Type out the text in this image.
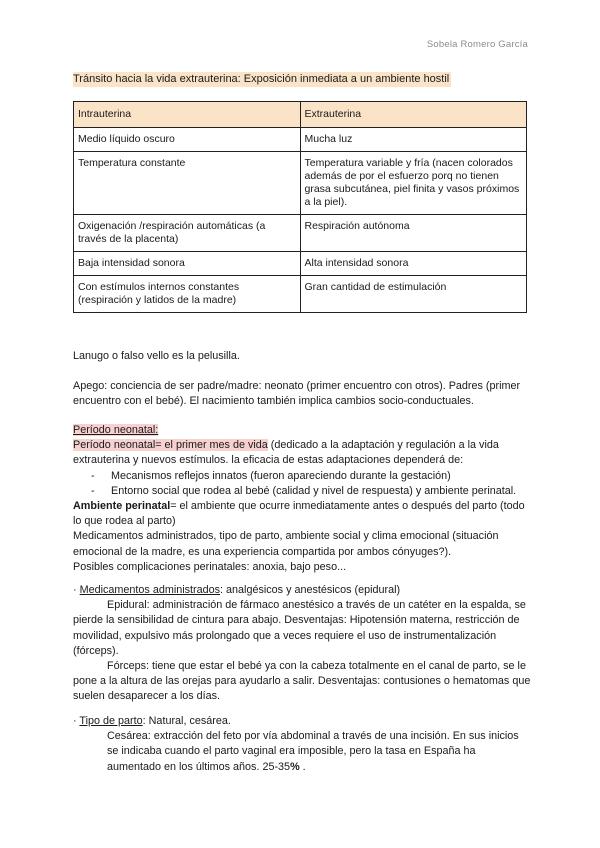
Sobela Romero García
Tránsito hacia la vida extrauterina: Exposición inmediata a un ambiente hostil
Intrauterina	Extrauterina
Medio líquido oscuro	Mucha luz
Temperatura constante	Temperatura variable y fría (nacen colorados además de por el esfuerzo porq no tienen grasa subcutánea, piel finita y vasos próximos a la piel).
Oxigenación /respiración automáticas (a través de la placenta)	Respiración autónoma
Baja intensidad sonora	Alta intensidad sonora
Con estímulos internos constantes (respiración y latidos de la madre)	Gran cantidad de estimulación
Lanugo o falso vello es la pelusilla.
Apego: conciencia de ser padre/madre: neonato (primer encuentro con otros). Padres (primer encuentro con el bebé). El nacimiento también implica cambios socio-conductuales.
Período neonatal:
Período neonatal= el primer mes de vida (dedicado a la adaptación y regulación a la vida extrauterina y nuevos estímulos. la eficacia de estas adaptaciones dependerá de:
- Mecanismos reflejos innatos (fueron apareciendo durante la gestación)
- Entorno social que rodea al bebé (calidad y nivel de respuesta) y ambiente perinatal.
Ambiente perinatal= el ambiente que ocurre inmediatamente antes o después del parto (todo lo que rodea al parto)
Medicamentos administrados, tipo de parto, ambiente social y clima emocional (situación emocional de la madre, es una experiencia compartida por ambos cónyuges?).
Posibles complicaciones perinatales: anoxia, bajo peso...
· Medicamentos administrados: analgésicos y anestésicos (epidural)
Epidural: administración de fármaco anestésico a través de un catéter en la espalda, se pierde la sensibilidad de cintura para abajo. Desventajas: Hipotensión materna, restricción de movilidad, expulsivo más prolongado que a veces requiere el uso de instrumentalización (fórceps).
Fórceps: tiene que estar el bebé ya con la cabeza totalmente en el canal de parto, se le pone a la altura de las orejas para ayudarlo a salir. Desventajas: contusiones o hematomas que suelen desaparecer a los días.
· Tipo de parto: Natural, cesárea.
Cesárea: extracción del feto por vía abdominal a través de una incisión. En sus inicios se indicaba cuando el parto vaginal era imposible, pero la tasa en España ha aumentado en los últimos años. 25-35% .
